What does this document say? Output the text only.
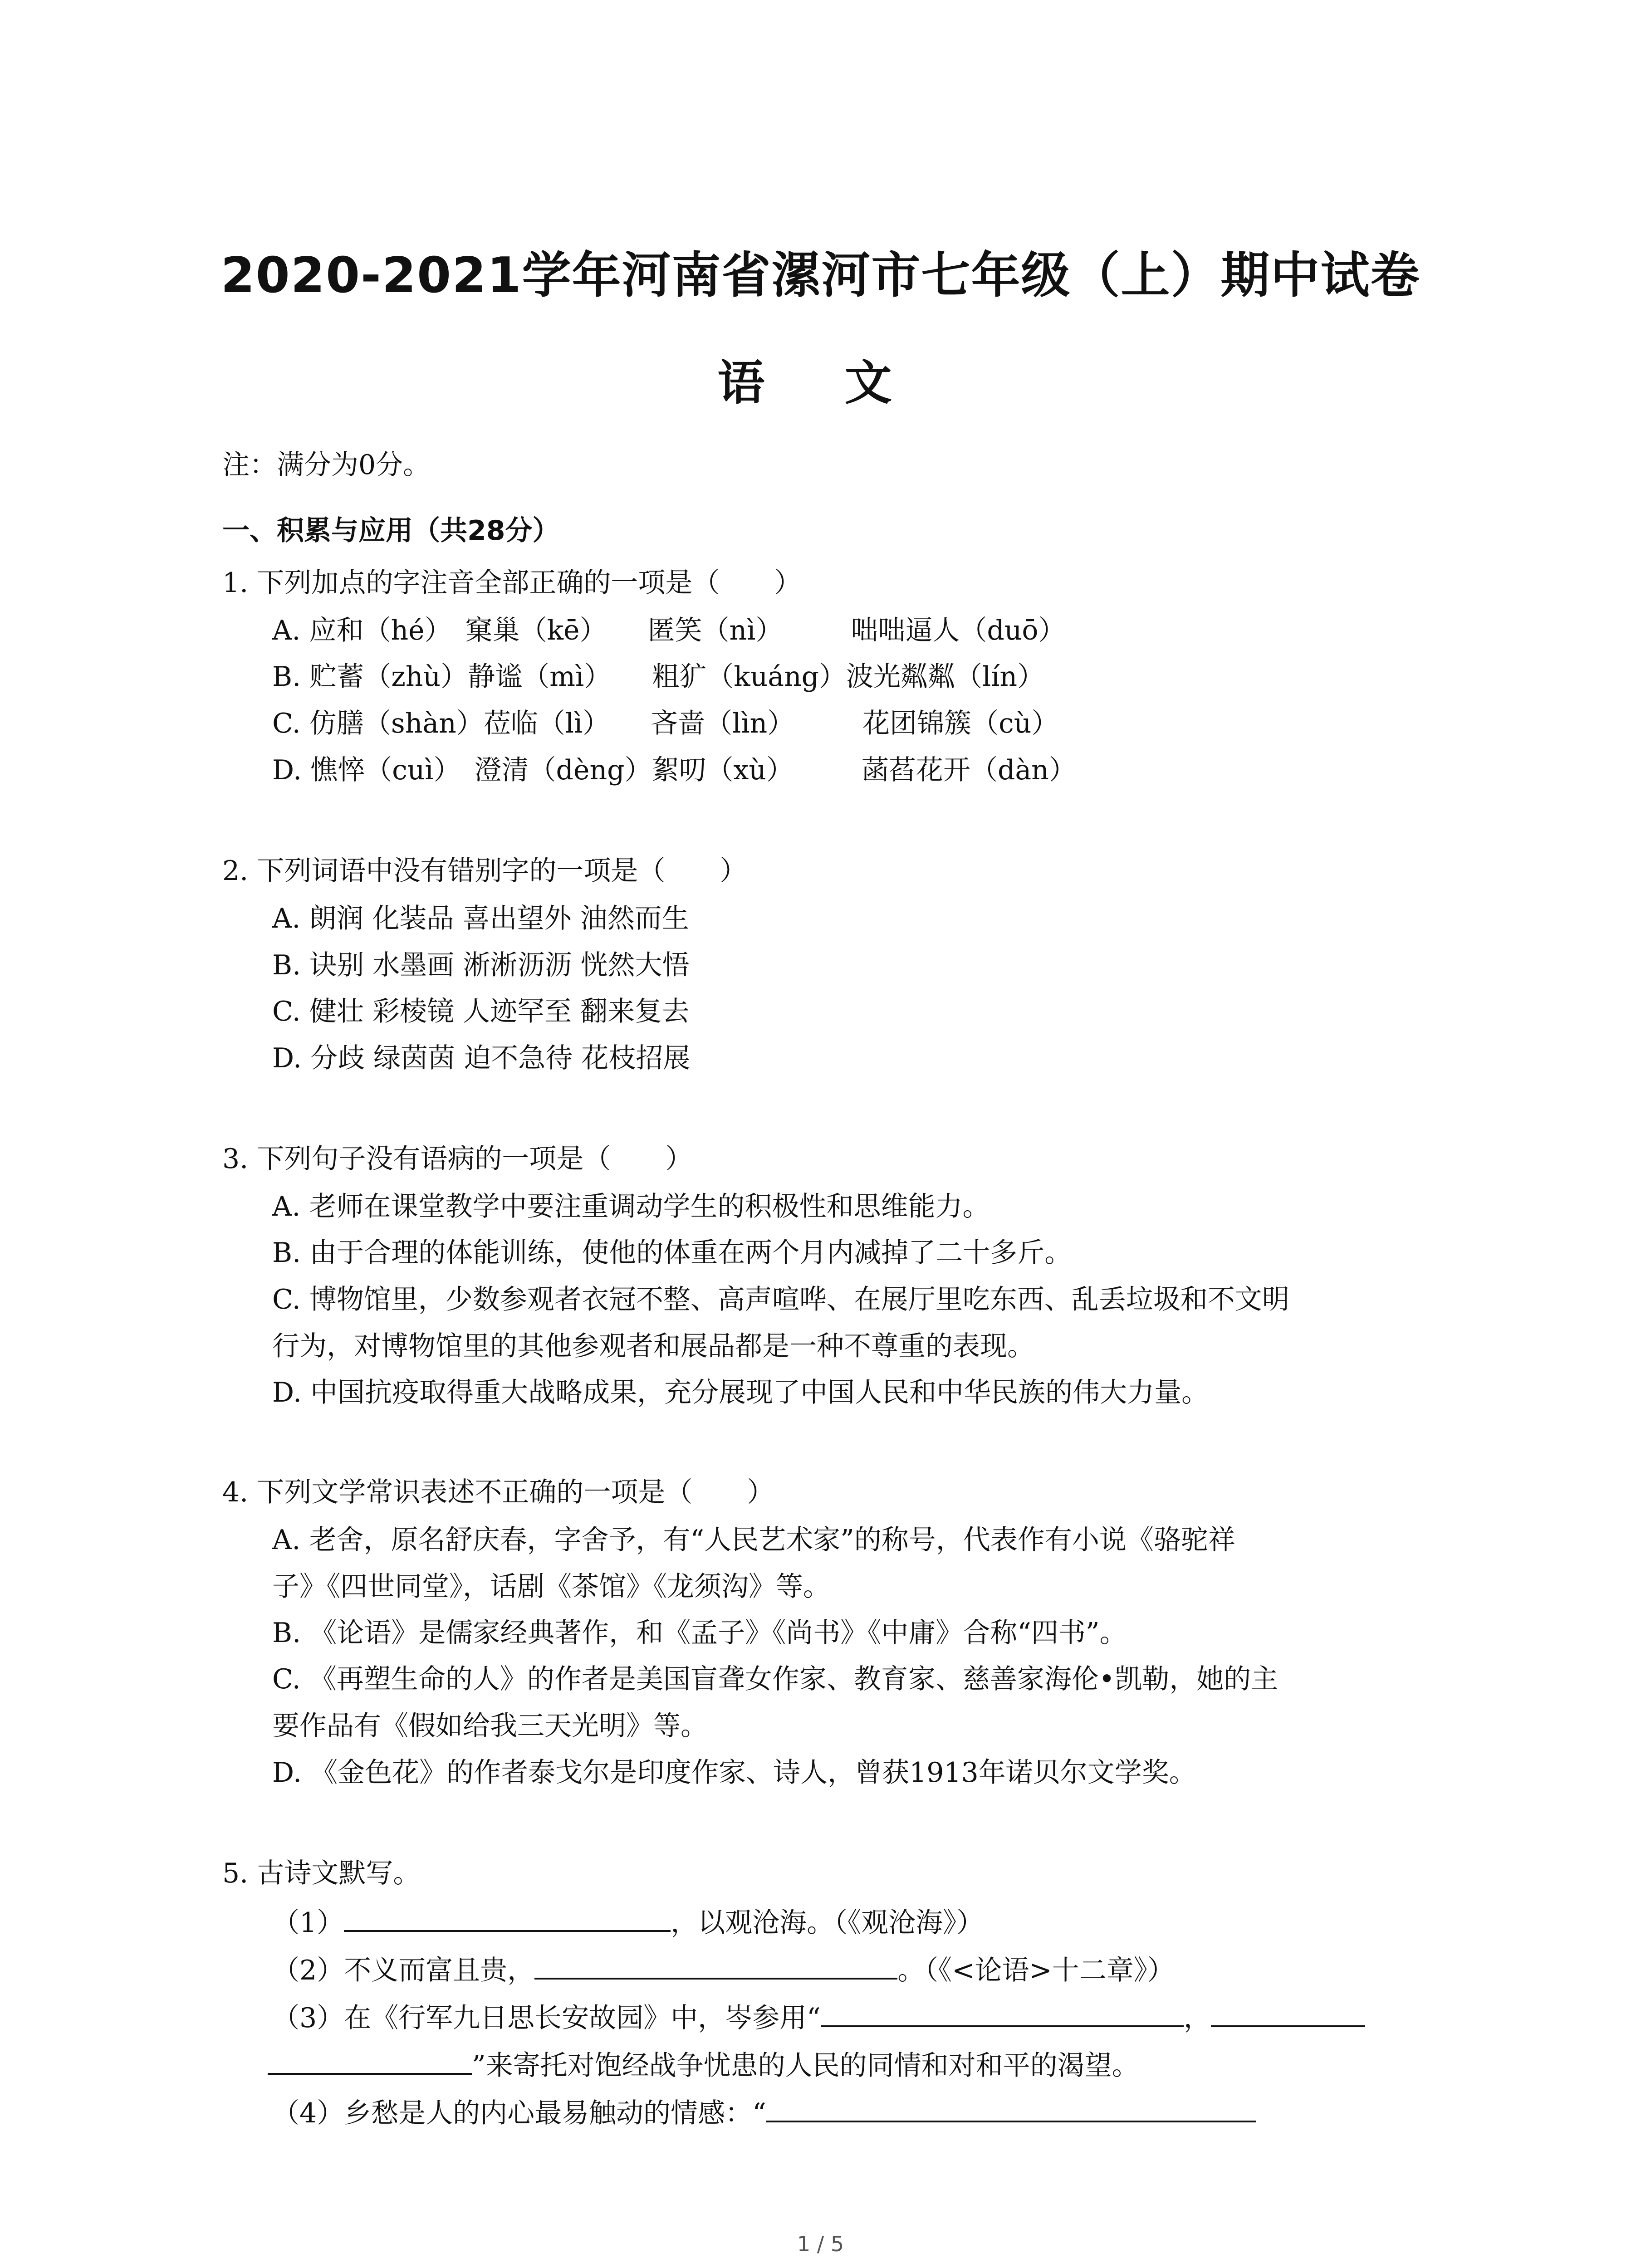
2020-2021学年河南省漯河市七年级（上）期中试卷
语 文
注：满分为0分。
一、积累与应用（共28分）
1. 下列加点的字注音全部正确的一项是（　　）
A. 应和（hé）　窠巢（kē）　　匿笑（nì）　　　咄咄逼人（duō）
B. 贮蓄（zhù）静谧（mì）　　粗犷（kuáng）波光粼粼（lín）
C. 仿膳（shàn）莅临（lì）　　吝啬（lìn）　　　花团锦簇（cù）
D. 憔悴（cuì）　澄清（dèng）絮叨（xù）　　　菡萏花开（dàn）
2. 下列词语中没有错别字的一项是（　　）
A. 朗润 化装品 喜出望外 油然而生
B. 诀别 水墨画 淅淅沥沥 恍然大悟
C. 健壮 彩棱镜 人迹罕至 翻来复去
D. 分歧 绿茵茵 迫不急待 花枝招展
3. 下列句子没有语病的一项是（　　）
A. 老师在课堂教学中要注重调动学生的积极性和思维能力。
B. 由于合理的体能训练，使他的体重在两个月内减掉了二十多斤。
C. 博物馆里，少数参观者衣冠不整、高声喧哗、在展厅里吃东西、乱丢垃圾和不文明
行为，对博物馆里的其他参观者和展品都是一种不尊重的表现。
D. 中国抗疫取得重大战略成果，充分展现了中国人民和中华民族的伟大力量。
4. 下列文学常识表述不正确的一项是（　　）
A. 老舍，原名舒庆春，字舍予，有“人民艺术家”的称号，代表作有小说《骆驼祥
子》《四世同堂》，话剧《茶馆》《龙须沟》等。
B. 《论语》是儒家经典著作，和《孟子》《尚书》《中庸》合称“四书”。
C. 《再塑生命的人》的作者是美国盲聋女作家、教育家、慈善家海伦•凯勒，她的主
要作品有《假如给我三天光明》等。
D. 《金色花》的作者泰戈尔是印度作家、诗人，曾获1913年诺贝尔文学奖。
5. 古诗文默写。
（1）	，以观沧海。（《观沧海》）
（2）不义而富且贵，	。（《<论语>十二章》）
（3）在《行军九日思长安故园》中，岑参用“	，
”来寄托对饱经战争忧患的人民的同情和对和平的渴望。
（4）乡愁是人的内心最易触动的情感：“
1 / 5
